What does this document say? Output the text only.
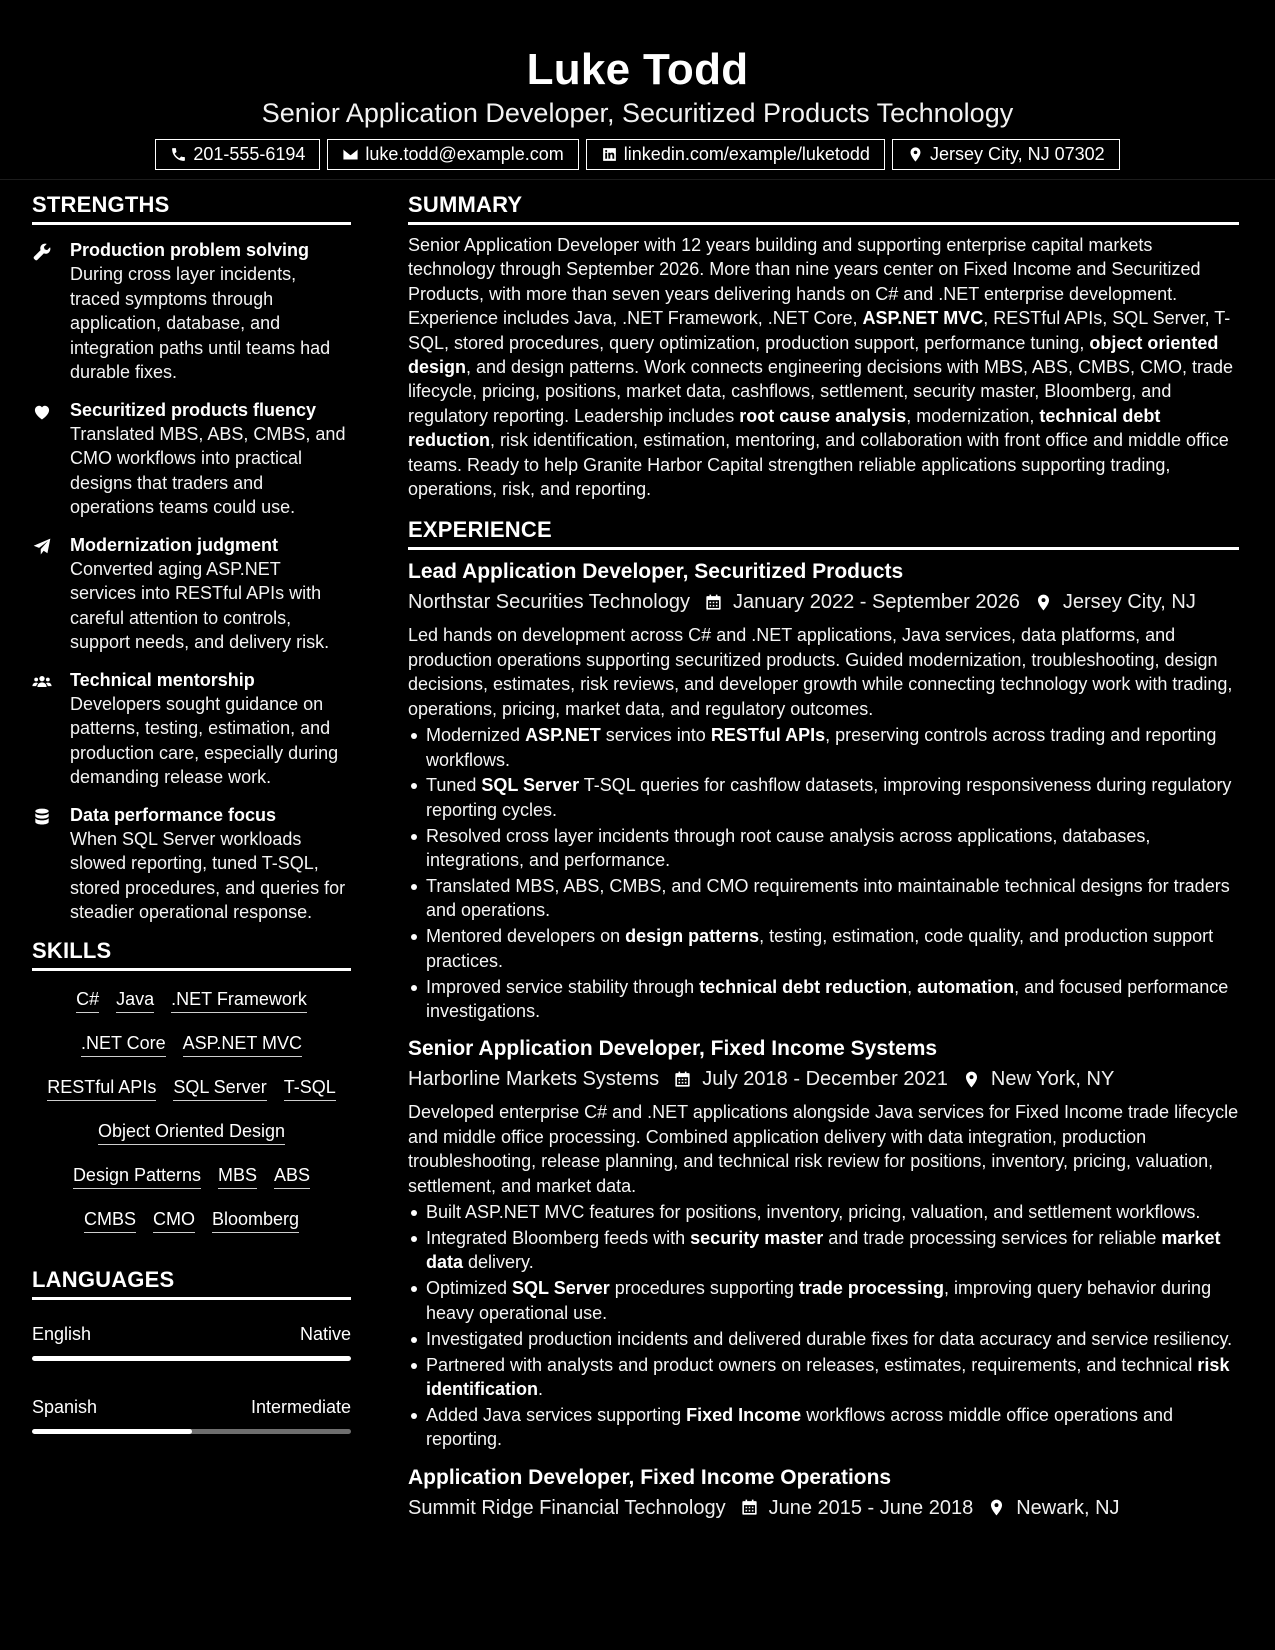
Luke Todd
Senior Application Developer, Securitized Products Technology
201-555-6194	luke.todd@example.com	linkedin.com/example/luketodd	Jersey City, NJ 07302
STRENGTHS
Production problem solving
During cross layer incidents, traced symptoms through application, database, and integration paths until teams had durable fixes.
Securitized products fluency
Translated MBS, ABS, CMBS, and CMO workflows into practical designs that traders and operations teams could use.
Modernization judgment
Converted aging ASP.NET services into RESTful APIs with careful attention to controls, support needs, and delivery risk.
Technical mentorship
Developers sought guidance on patterns, testing, estimation, and production care, especially during demanding release work.
Data performance focus
When SQL Server workloads slowed reporting, tuned T-SQL, stored procedures, and queries for steadier operational response.
SKILLS
C# Java .NET Framework
.NET Core ASP.NET MVC
RESTful APIs SQL Server T-SQL
Object Oriented Design
Design Patterns MBS ABS
CMBS CMO Bloomberg
LANGUAGES
English	Native
Spanish	Intermediate
SUMMARY
Senior Application Developer with 12 years building and supporting enterprise capital markets technology through September 2026. More than nine years center on Fixed Income and Securitized Products, with more than seven years delivering hands on C# and .NET enterprise development. Experience includes Java, .NET Framework, .NET Core, ASP.NET MVC, RESTful APIs, SQL Server, T-SQL, stored procedures, query optimization, production support, performance tuning, object oriented design, and design patterns. Work connects engineering decisions with MBS, ABS, CMBS, CMO, trade lifecycle, pricing, positions, market data, cashflows, settlement, security master, Bloomberg, and regulatory reporting. Leadership includes root cause analysis, modernization, technical debt reduction, risk identification, estimation, mentoring, and collaboration with front office and middle office teams. Ready to help Granite Harbor Capital strengthen reliable applications supporting trading, operations, risk, and reporting.
EXPERIENCE
Lead Application Developer, Securitized Products
Northstar Securities Technology January 2022 - September 2026 Jersey City, NJ
Led hands on development across C# and .NET applications, Java services, data platforms, and production operations supporting securitized products. Guided modernization, troubleshooting, design decisions, estimates, risk reviews, and developer growth while connecting technology work with trading, operations, pricing, market data, and regulatory outcomes.
Modernized ASP.NET services into RESTful APIs, preserving controls across trading and reporting workflows.
Tuned SQL Server T-SQL queries for cashflow datasets, improving responsiveness during regulatory reporting cycles.
Resolved cross layer incidents through root cause analysis across applications, databases, integrations, and performance.
Translated MBS, ABS, CMBS, and CMO requirements into maintainable technical designs for traders and operations.
Mentored developers on design patterns, testing, estimation, code quality, and production support practices.
Improved service stability through technical debt reduction, automation, and focused performance investigations.
Senior Application Developer, Fixed Income Systems
Harborline Markets Systems July 2018 - December 2021 New York, NY
Developed enterprise C# and .NET applications alongside Java services for Fixed Income trade lifecycle and middle office processing. Combined application delivery with data integration, production troubleshooting, release planning, and technical risk review for positions, inventory, pricing, valuation, settlement, and market data.
Built ASP.NET MVC features for positions, inventory, pricing, valuation, and settlement workflows.
Integrated Bloomberg feeds with security master and trade processing services for reliable market data delivery.
Optimized SQL Server procedures supporting trade processing, improving query behavior during heavy operational use.
Investigated production incidents and delivered durable fixes for data accuracy and service resiliency.
Partnered with analysts and product owners on releases, estimates, requirements, and technical risk identification.
Added Java services supporting Fixed Income workflows across middle office operations and reporting.
Application Developer, Fixed Income Operations
Summit Ridge Financial Technology June 2015 - June 2018 Newark, NJ
